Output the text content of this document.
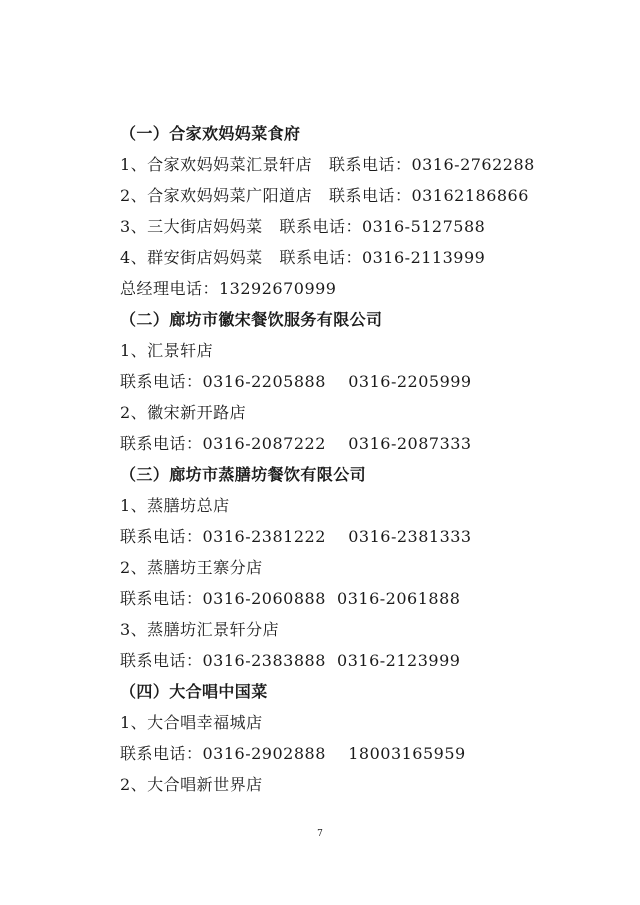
（一）合家欢妈妈菜食府
1、合家欢妈妈菜汇景轩店   联系电话：0316-2762288
2、合家欢妈妈菜广阳道店   联系电话：03162186866
3、三大街店妈妈菜   联系电话：0316-5127588
4、群安街店妈妈菜   联系电话：0316-2113999
总经理电话：13292670999
（二）廊坊市徽宋餐饮服务有限公司
1、汇景轩店
联系电话：0316-2205888    0316-2205999
2、徽宋新开路店
联系电话：0316-2087222    0316-2087333
（三）廊坊市蒸膳坊餐饮有限公司
1、蒸膳坊总店
联系电话：0316-2381222    0316-2381333
2、蒸膳坊王寨分店
联系电话：0316-2060888  0316-2061888
3、蒸膳坊汇景轩分店
联系电话：0316-2383888  0316-2123999
（四）大合唱中国菜
1、大合唱幸福城店
联系电话：0316-2902888    18003165959
2、大合唱新世界店
7
